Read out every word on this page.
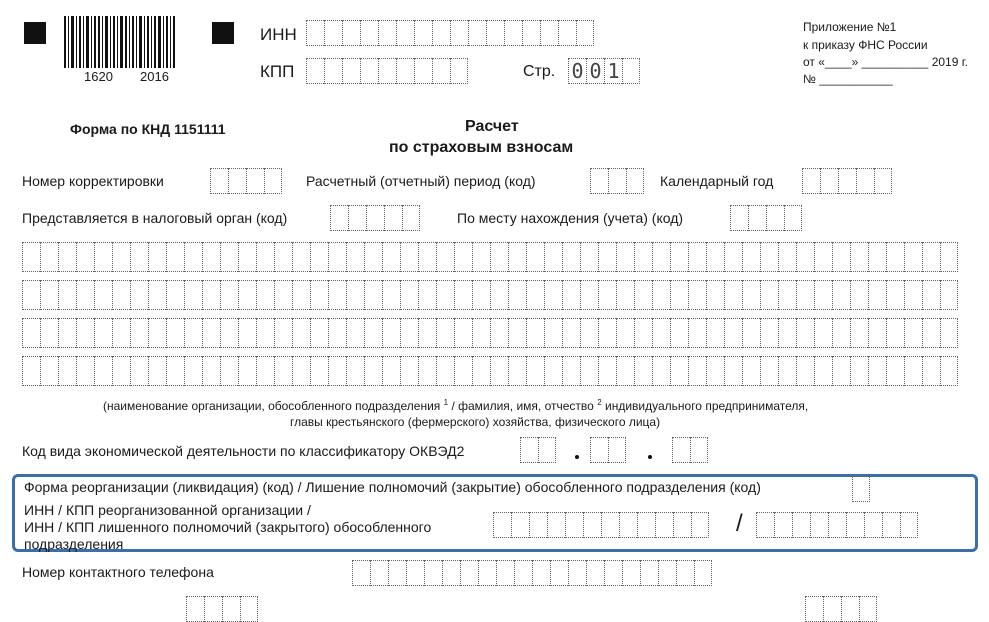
1620 2016
ИНН
КПП	Стр. 0 0 1
Приложение №1
к приказу ФНС России
от «____» __________ 2019 г.
№ ___________
Форма по КНД 1151111	Расчет
по страховым взносам
Номер корректировки	Расчетный (отчетный) период (код)	Календарный год
Представляется в налоговый орган (код)	По месту нахождения (учета) (код)
(наименование организации, обособленного подразделения $^1$ / фамилия, имя, отчество $^2$ индивидуального предпринимателя,
главы крестьянского (фермерского) хозяйства, физического лица)
Код вида экономической деятельности по классификатору ОКВЭД2
Форма реорганизации (ликвидация) (код) / Лишение полномочий (закрытие) обособленного подразделения (код)
ИНН / КПП реорганизованной организации /
ИНН / КПП лишенного полномочий (закрытого) обособленного
подразделения
/
Номер контактного телефона
